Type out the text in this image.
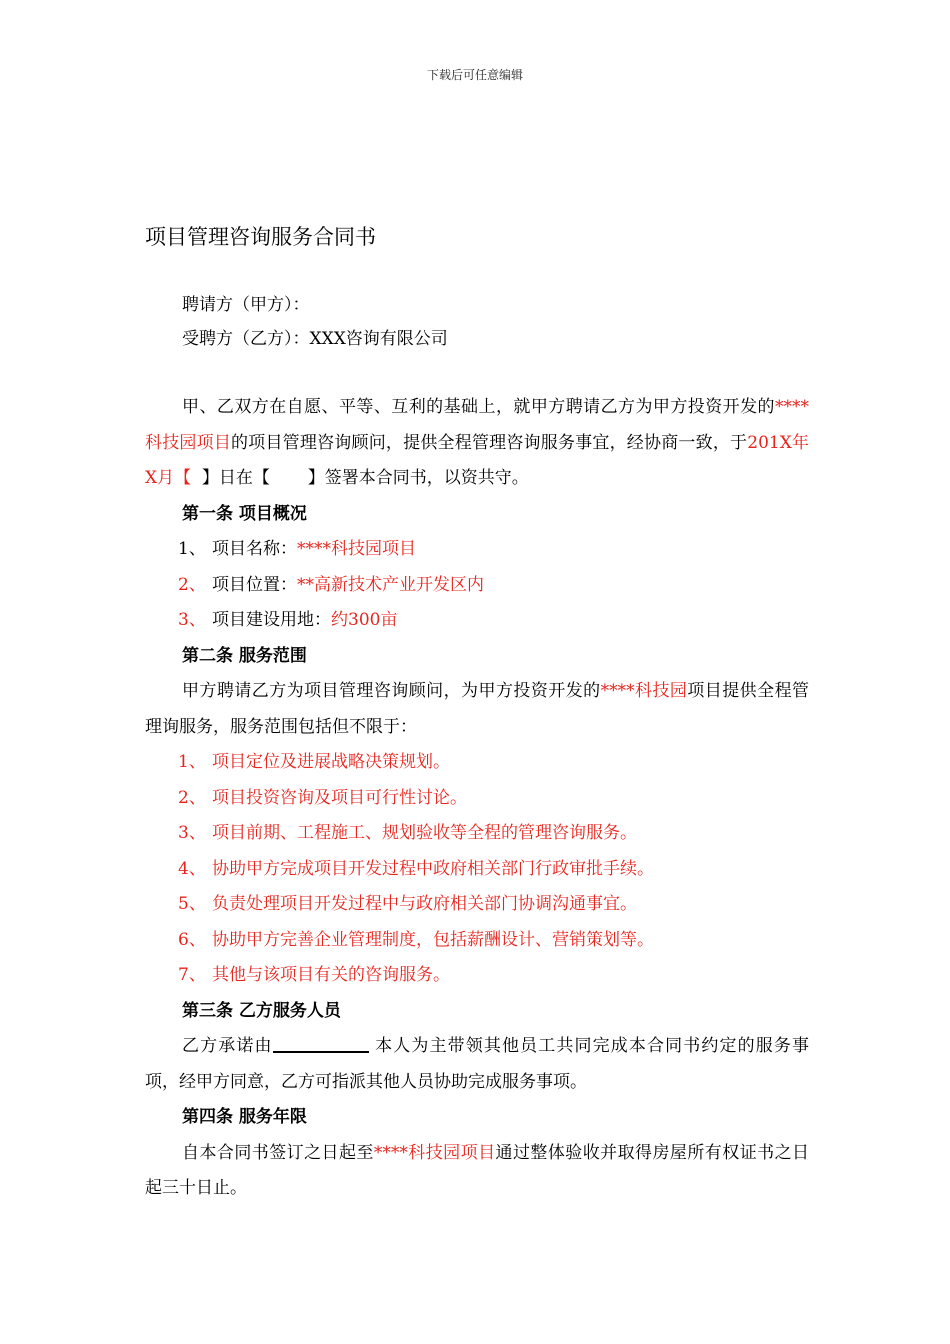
下载后可任意编辑
项目管理咨询服务合同书
聘请方（甲方）：
受聘方（乙方）：XXX咨询有限公司

甲、乙双方在自愿、平等、互利的基础上，就甲方聘请乙方为甲方投资开发的****科技园项目的项目管理咨询顾问，提供全程管理咨询服务事宜，经协商一致，于201X年X月【  】日在【       】签署本合同书，以资共守。

第一条 项目概况
1、 项目名称：****科技园项目
2、 项目位置：**高新技术产业开发区内
3、 项目建设用地：约300亩
第二条 服务范围

甲方聘请乙方为项目管理咨询顾问，为甲方投资开发的****科技园项目提供全程管理询服务，服务范围包括但不限于：

1、 项目定位及进展战略决策规划。
2、 项目投资咨询及项目可行性讨论。
3、 项目前期、工程施工、规划验收等全程的管理咨询服务。
4、 协助甲方完成项目开发过程中政府相关部门行政审批手续。
5、 负责处理项目开发过程中与政府相关部门协调沟通事宜。
6、 协助甲方完善企业管理制度，包括薪酬设计、营销策划等。
7、 其他与该项目有关的咨询服务。
第三条 乙方服务人员

乙方承诺由	本人为主带领其他员工共同完成本合同书约定的服务事项，经甲方同意，乙方可指派其他人员协助完成服务事项。

第四条 服务年限

自本合同书签订之日起至****科技园项目通过整体验收并取得房屋所有权证书之日起三十日止。
